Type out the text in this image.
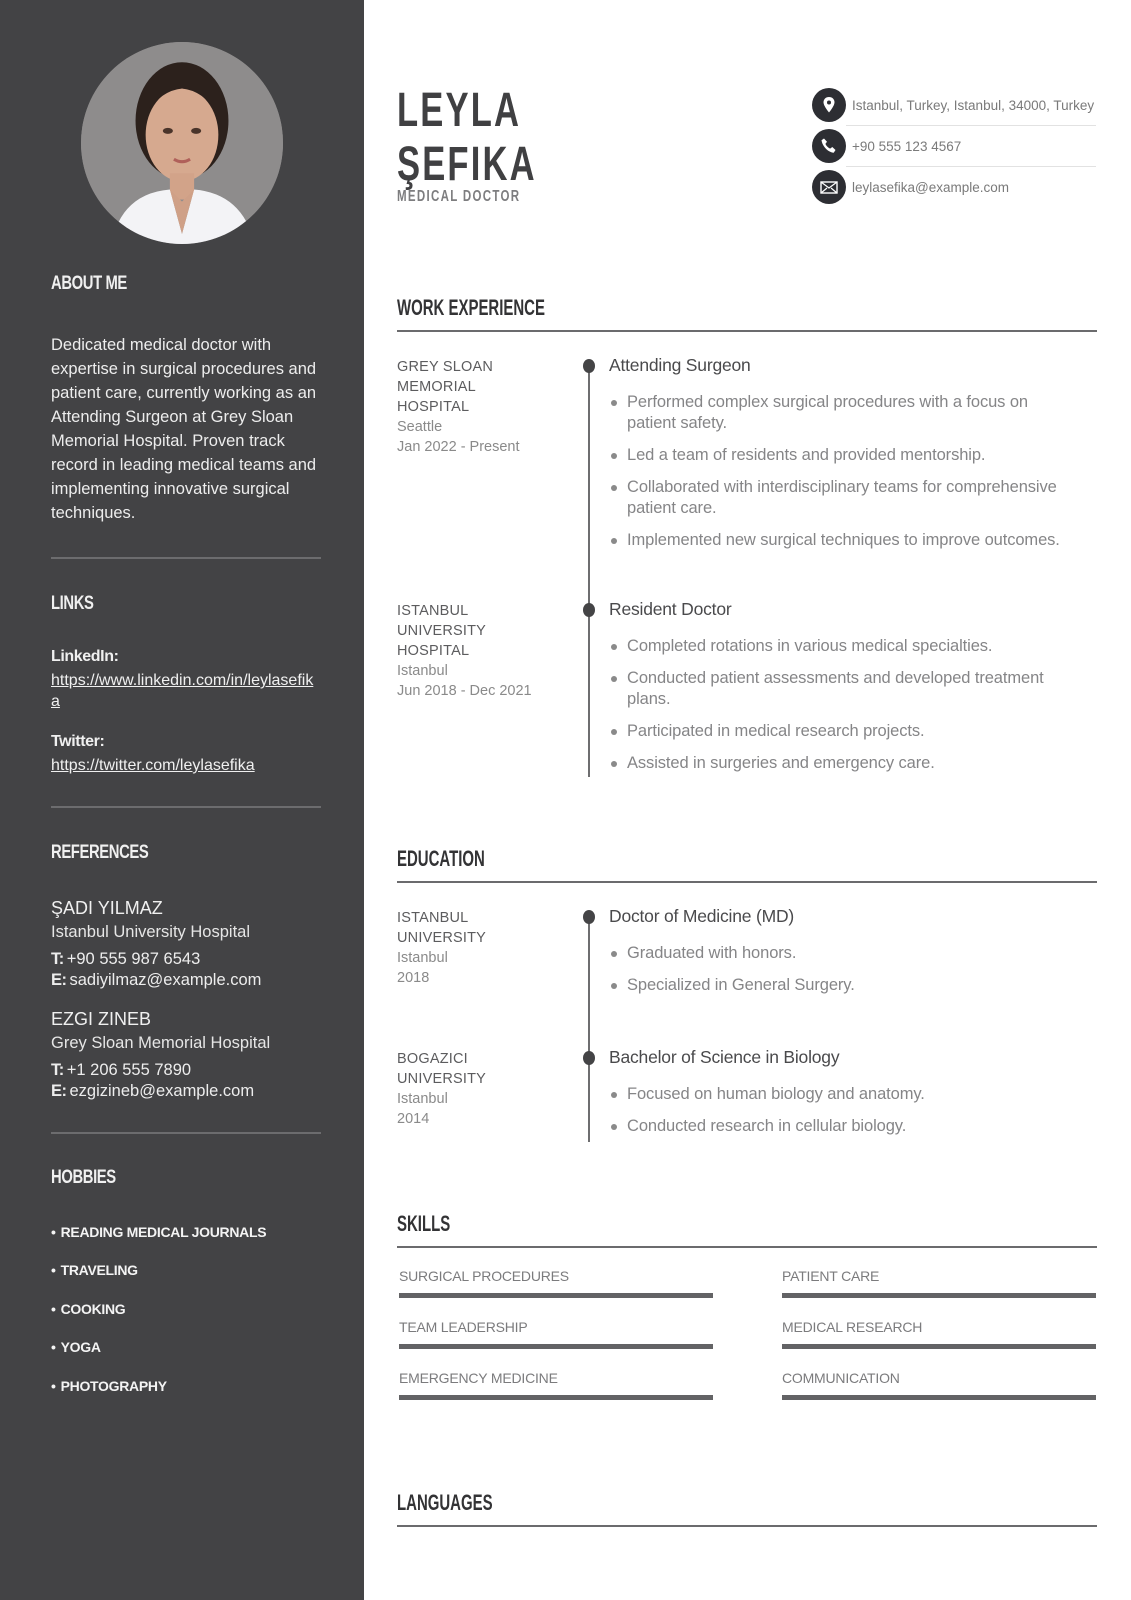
ABOUT ME

Dedicated medical doctor with expertise in surgical procedures and patient care, currently working as an Attending Surgeon at Grey Sloan Memorial Hospital. Proven track record in leading medical teams and implementing innovative surgical techniques.

LINKS
LinkedIn:
https://www.linkedin.com/in/leylasefika
Twitter:
https://twitter.com/leylasefika
REFERENCES
ŞADI YILMAZ
Istanbul University Hospital
T: +90 555 987 6543
E: sadiyilmaz@example.com
EZGI ZINEB
Grey Sloan Memorial Hospital
T: +1 206 555 7890
E: ezgizineb@example.com
HOBBIES
• READING MEDICAL JOURNALS
• TRAVELING
• COOKING
• YOGA
• PHOTOGRAPHY
LEYLA
ŞEFIKA
MEDICAL DOCTOR
Istanbul, Turkey, Istanbul, 34000, Turkey
+90 555 123 4567
leylasefika@example.com
WORK EXPERIENCE
GREY SLOAN MEMORIAL HOSPITAL
Seattle
Jan 2022 - Present
Attending Surgeon
Performed complex surgical procedures with a focus on patient safety.
Led a team of residents and provided mentorship.
Collaborated with interdisciplinary teams for comprehensive patient care.
Implemented new surgical techniques to improve outcomes.
ISTANBUL UNIVERSITY HOSPITAL
Istanbul
Jun 2018 - Dec 2021
Resident Doctor
Completed rotations in various medical specialties.
Conducted patient assessments and developed treatment plans.
Participated in medical research projects.
Assisted in surgeries and emergency care.
EDUCATION
ISTANBUL UNIVERSITY
Istanbul
2018
Doctor of Medicine (MD)
Graduated with honors.
Specialized in General Surgery.
BOGAZICI UNIVERSITY
Istanbul
2014
Bachelor of Science in Biology
Focused on human biology and anatomy.
Conducted research in cellular biology.
SKILLS
SURGICAL PROCEDURES	PATIENT CARE
TEAM LEADERSHIP	MEDICAL RESEARCH
EMERGENCY MEDICINE	COMMUNICATION
LANGUAGES
